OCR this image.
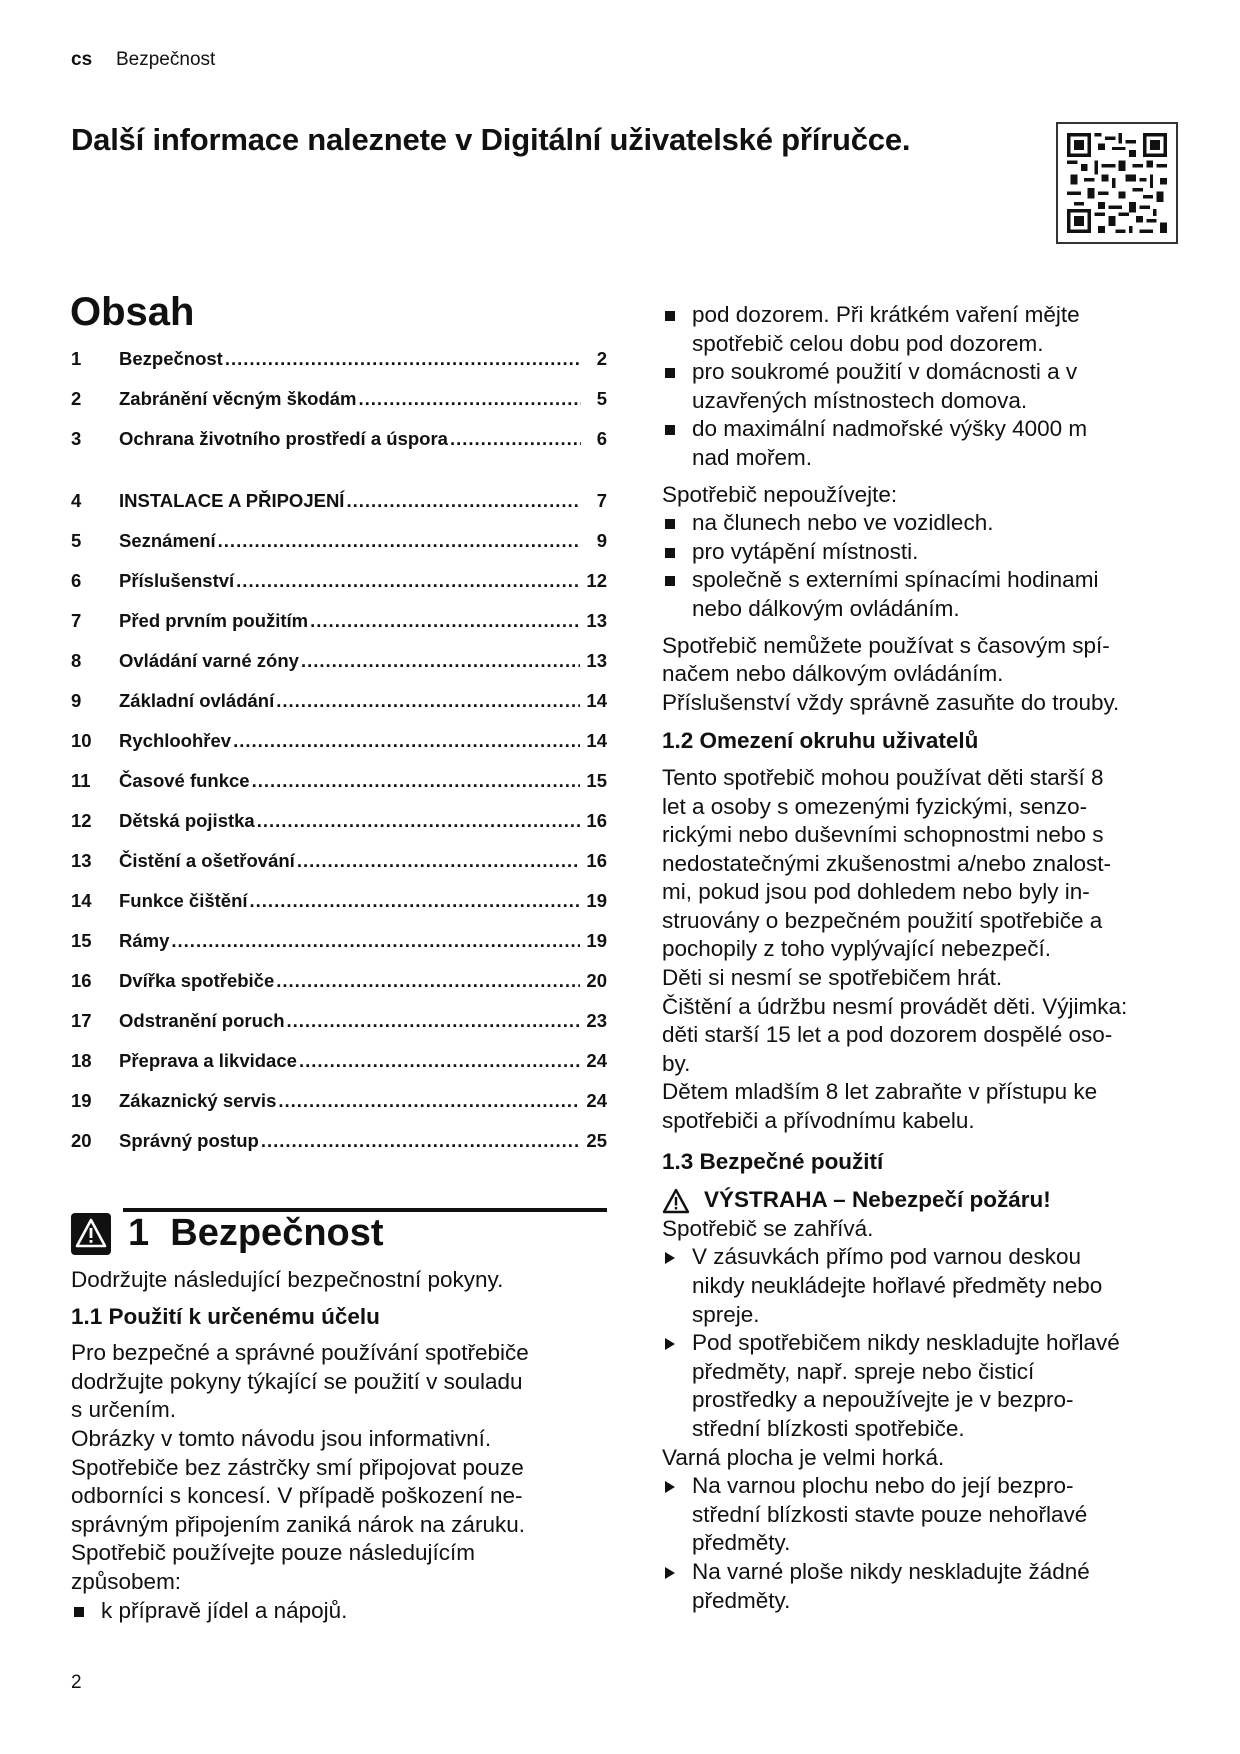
cs Bezpečnost
Další informace naleznete v Digitální uživatelské příručce.
Obsah
1	Bezpečnost .....	2
2	Zabránění věcným škodám .....	5
3	Ochrana životního prostředí a úspora .....	6
4	INSTALACE A PŘIPOJENÍ .....	7
5	Seznámení .....	9
6	Příslušenství .....	12
7	Před prvním použitím .....	13
8	Ovládání varné zóny .....	13
9	Základní ovládání .....	14
10	Rychloohřev .....	14
11	Časové funkce .....	15
12	Dětská pojistka .....	16
13	Čistění a ošetřování .....	16
14	Funkce čištění .....	19
15	Rámy .....	19
16	Dvířka spotřebiče .....	20
17	Odstranění poruch .....	23
18	Přeprava a likvidace .....	24
19	Zákaznický servis .....	24
20	Správný postup .....	25
1 Bezpečnost
Dodržujte následující bezpečnostní pokyny.
1.1 Použití k určenému účelu
Pro bezpečné a správné používání spotřebiče
dodržujte pokyny týkající se použití v souladu
s určením.
Obrázky v tomto návodu jsou informativní.
Spotřebiče bez zástrčky smí připojovat pouze
odborníci s koncesí. V případě poškození ne-
správným připojením zaniká nárok na záruku.
Spotřebič používejte pouze následujícím
způsobem:
k přípravě jídel a nápojů.
2
pod dozorem. Při krátkém vaření mějte
spotřebič celou dobu pod dozorem.
pro soukromé použití v domácnosti a v
uzavřených místnostech domova.
do maximální nadmořské výšky 4000 m
nad mořem.
Spotřebič nepoužívejte:
na člunech nebo ve vozidlech.
pro vytápění místnosti.
společně s externími spínacími hodinami
nebo dálkovým ovládáním.
Spotřebič nemůžete používat s časovým spí-
načem nebo dálkovým ovládáním.
Příslušenství vždy správně zasuňte do trouby.
1.2 Omezení okruhu uživatelů
Tento spotřebič mohou používat děti starší 8
let a osoby s omezenými fyzickými, senzo-
rickými nebo duševními schopnostmi nebo s
nedostatečnými zkušenostmi a/nebo znalost-
mi, pokud jsou pod dohledem nebo byly in-
struovány o bezpečném použití spotřebiče a
pochopily z toho vyplývající nebezpečí.
Děti si nesmí se spotřebičem hrát.
Čištění a údržbu nesmí provádět děti. Výjimka:
děti starší 15 let a pod dozorem dospělé oso-
by.
Dětem mladším 8 let zabraňte v přístupu ke
spotřebiči a přívodnímu kabelu.
1.3 Bezpečné použití
VÝSTRAHA – Nebezpečí požáru!
Spotřebič se zahřívá.
V zásuvkách přímo pod varnou deskou
nikdy neukládejte hořlavé předměty nebo
spreje.
Pod spotřebičem nikdy neskladujte hořlavé
předměty, např. spreje nebo čisticí
prostředky a nepoužívejte je v bezpro-
střední blízkosti spotřebiče.
Varná plocha je velmi horká.
Na varnou plochu nebo do její bezpro-
střední blízkosti stavte pouze nehořlavé
předměty.
Na varné ploše nikdy neskladujte žádné
předměty.
